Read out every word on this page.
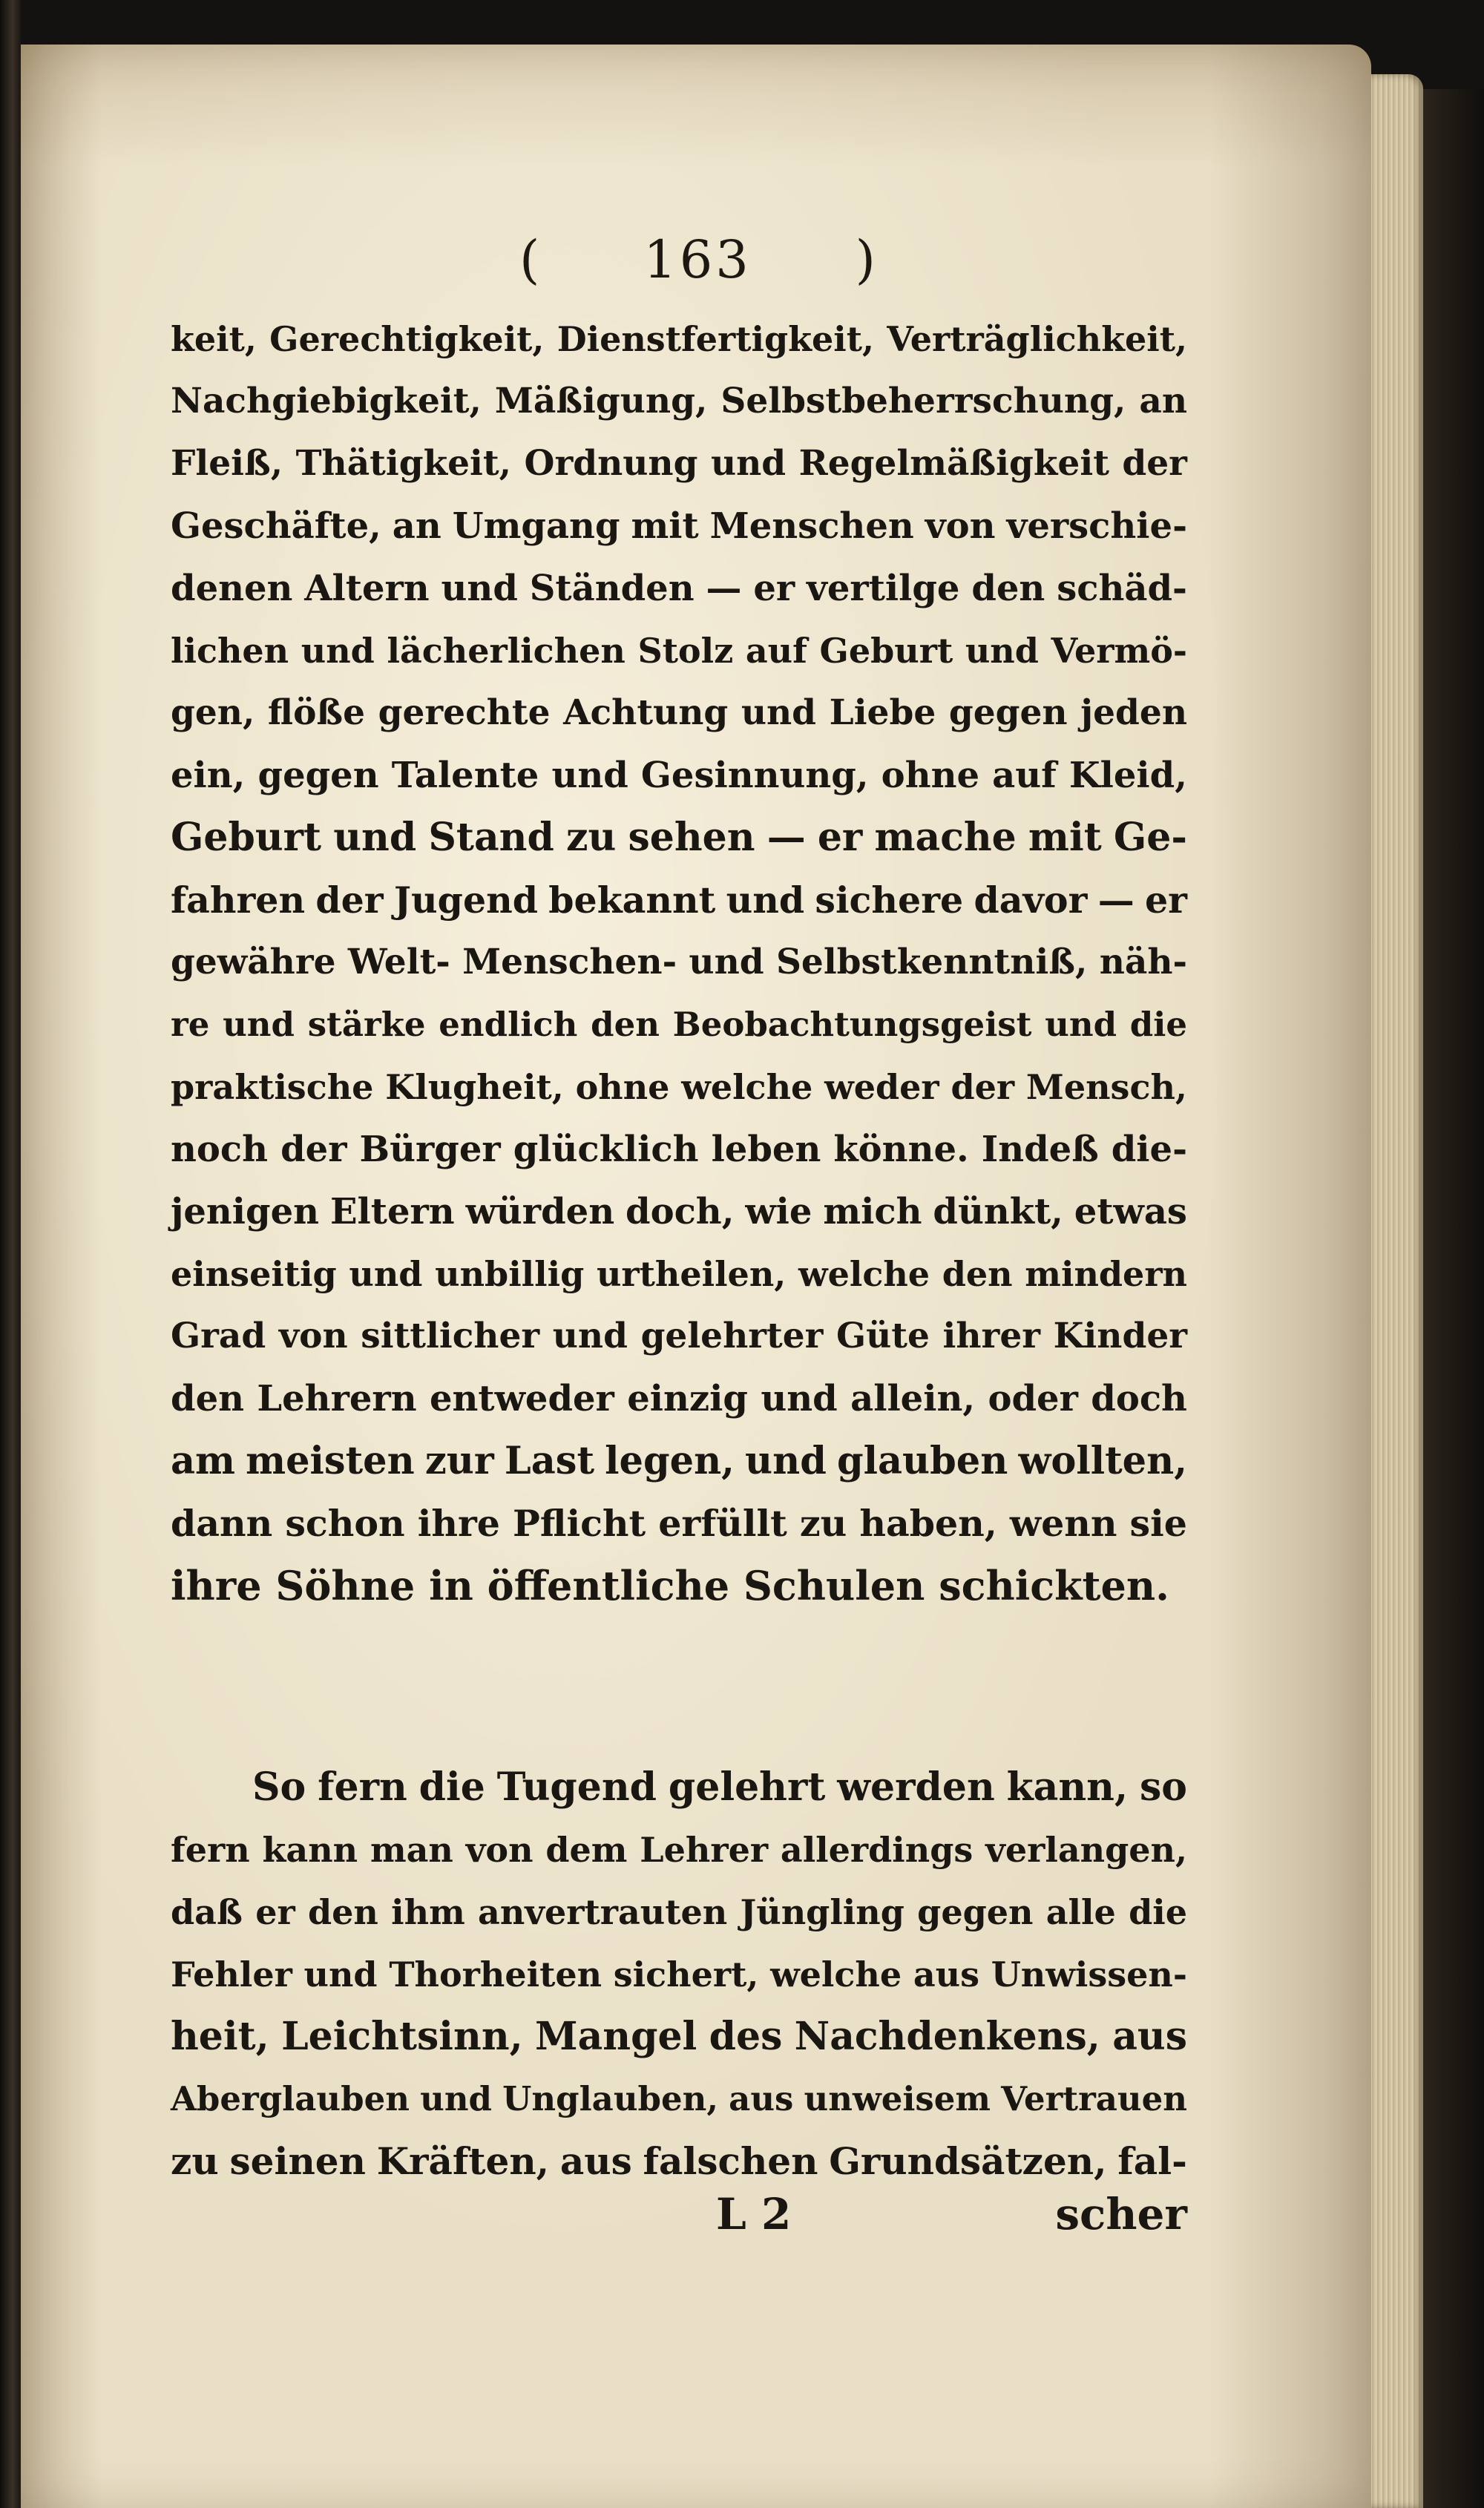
( 163 )
keit, Gerechtigkeit, Dienstfertigkeit, Verträglichkeit,
Nachgiebigkeit, Mäßigung, Selbstbeherrschung, an
Fleiß, Thätigkeit, Ordnung und Regelmäßigkeit der
Geschäfte, an Umgang mit Menschen von verschie-
denen Altern und Ständen — er vertilge den schäd-
lichen und lächerlichen Stolz auf Geburt und Vermö-
gen, flöße gerechte Achtung und Liebe gegen jeden
ein, gegen Talente und Gesinnung, ohne auf Kleid,
Geburt und Stand zu sehen — er mache mit Ge-
fahren der Jugend bekannt und sichere davor — er
gewähre Welt- Menschen- und Selbstkenntniß, näh-
re und stärke endlich den Beobachtungsgeist und die
praktische Klugheit, ohne welche weder der Mensch,
noch der Bürger glücklich leben könne. Indeß die-
jenigen Eltern würden doch, wie mich dünkt, etwas
einseitig und unbillig urtheilen, welche den mindern
Grad von sittlicher und gelehrter Güte ihrer Kinder
den Lehrern entweder einzig und allein, oder doch
am meisten zur Last legen, und glauben wollten,
dann schon ihre Pflicht erfüllt zu haben, wenn sie
ihre Söhne in öffentliche Schulen schickten.
So fern die Tugend gelehrt werden kann, so
fern kann man von dem Lehrer allerdings verlangen,
daß er den ihm anvertrauten Jüngling gegen alle die
Fehler und Thorheiten sichert, welche aus Unwissen-
heit, Leichtsinn, Mangel des Nachdenkens, aus
Aberglauben und Unglauben, aus unweisem Vertrauen
zu seinen Kräften, aus falschen Grundsätzen, fal-
L 2	scher
